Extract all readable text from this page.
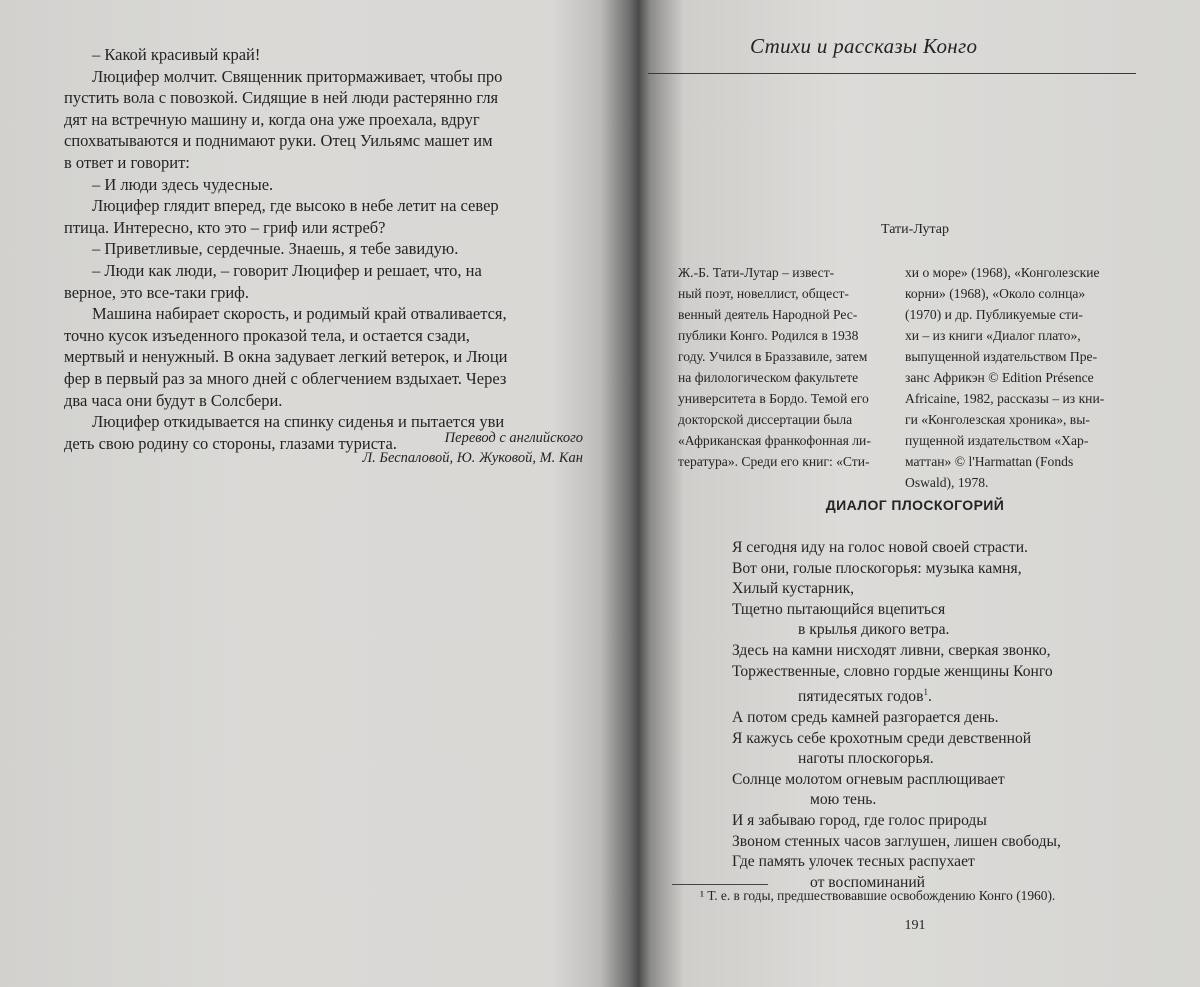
– Какой красивый край!
Люцифер молчит. Священник притормаживает, чтобы про
пустить вола с повозкой. Сидящие в ней люди растерянно гля
дят на встречную машину и, когда она уже проехала, вдруг
спохватываются и поднимают руки. Отец Уильямс машет им
в ответ и говорит:
– И люди здесь чудесные.
Люцифер глядит вперед, где высоко в небе летит на север
птица. Интересно, кто это – гриф или ястреб?
– Приветливые, сердечные. Знаешь, я тебе завидую.
– Люди как люди, – говорит Люцифер и решает, что, на
верное, это все-таки гриф.
Машина набирает скорость, и родимый край отваливается,
точно кусок изъеденного проказой тела, и остается сзади,
мертвый и ненужный. В окна задувает легкий ветерок, и Люци
фер в первый раз за много дней с облегчением вздыхает. Через
два часа они будут в Солсбери.
Люцифер откидывается на спинку сиденья и пытается уви
деть свою родину со стороны, глазами туриста.	Перевод с английского
Л. Беспаловой, Ю. Жуковой, М. Кан
Стихи и рассказы Конго
Тати-Лутар
Ж.-Б. Тати-Лутар – извест-
ный поэт, новеллист, общест-
венный деятель Народной Рес-
публики Конго. Родился в 1938
году. Учился в Браззавиле, затем
на филологическом факультете
университета в Бордо. Темой его
докторской диссертации была
«Африканская франкофонная ли-
тература». Среди его книг: «Сти-
хи о море» (1968), «Конголезские
корни» (1968), «Около солнца»
(1970) и др. Публикуемые сти-
хи – из книги «Диалог плато»,
выпущенной издательством Пре-
занс Африкэн © Edition Présence
Africaine, 1982, рассказы – из кни-
ги «Конголезская хроника», вы-
пущенной издательством «Хар-
маттан» © l'Harmattan (Fonds
Oswald), 1978.
ДИАЛОГ ПЛОСКОГОРИЙ
Я сегодня иду на голос новой своей страсти.
Вот они, голые плоскогорья: музыка камня,
Хилый кустарник,
Тщетно пытающийся вцепиться
в крылья дикого ветра.
Здесь на камни нисходят ливни, сверкая звонко,
Торжественные, словно гордые женщины Конго
пятидесятых годов$^1$.
А потом средь камней разгорается день.
Я кажусь себе крохотным среди девственной
наготы плоскогорья.
Солнце молотом огневым расплющивает
мою тень.
И я забываю город, где голос природы
Звоном стенных часов заглушен, лишен свободы,
Где память улочек тесных распухает
от воспоминаний
¹ Т. е. в годы, предшествовавшие освобождению Конго (1960).
191
